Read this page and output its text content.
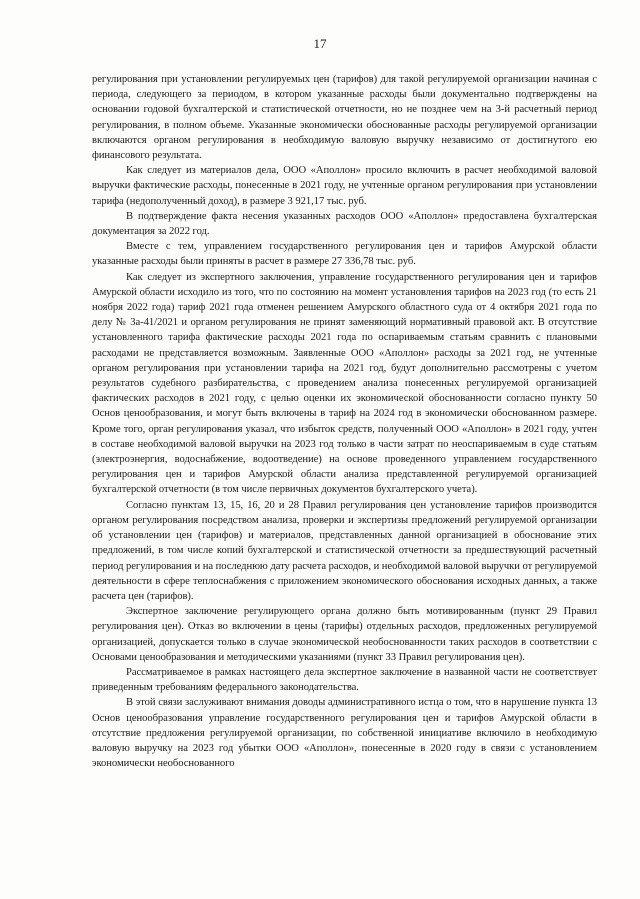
17

регулирования при установлении регулируемых цен (тарифов) для такой регулируемой организации начиная с периода, следующего за периодом, в котором указанные расходы были документально подтверждены на основании годовой бухгалтерской и статистической отчетности, но не позднее чем на 3-й расчетный период регулирования, в полном объеме. Указанные экономически обоснованные расходы регулируемой организации включаются органом регулирования в необходимую валовую выручку независимо от достигнутого ею финансового результата.

Как следует из материалов дела, ООО «Аполлон» просило включить в расчет необходимой валовой выручки фактические расходы, понесенные в 2021 году, не учтенные органом регулирования при установлении тарифа (недополученный доход), в размере 3 921,17 тыс. руб.

В подтверждение факта несения указанных расходов ООО «Аполлон» предоставлена бухгалтерская документация за 2022 год.

Вместе с тем, управлением государственного регулирования цен и тарифов Амурской области указанные расходы были приняты в расчет в размере 27 336,78 тыс. руб.

Как следует из экспертного заключения, управление государственного регулирования цен и тарифов Амурской области исходило из того, что по состоянию на момент установления тарифов на 2023 год (то есть 21 ноября 2022 года) тариф 2021 года отменен решением Амурского областного суда от 4 октября 2021 года по делу № 3а-41/2021 и органом регулирования не принят заменяющий нормативный правовой акт. В отсутствие установленного тарифа фактические расходы 2021 года по оспариваемым статьям сравнить с плановыми расходами не представляется возможным. Заявленные ООО «Аполлон» расходы за 2021 год, не учтенные органом регулирования при установлении тарифа на 2021 год, будут дополнительно рассмотрены с учетом результатов судебного разбирательства, с проведением анализа понесенных регулируемой организацией фактических расходов в 2021 году, с целью оценки их экономической обоснованности согласно пункту 50 Основ ценообразования, и могут быть включены в тариф на 2024 год в экономически обоснованном размере. Кроме того, орган регулирования указал, что избыток средств, полученный ООО «Аполлон» в 2021 году, учтен в составе необходимой валовой выручки на 2023 год только в части затрат по неоспариваемым в суде статьям (электроэнергия, водоснабжение, водоотведение) на основе проведенного управлением государственного регулирования цен и тарифов Амурской области анализа представленной регулируемой организацией бухгалтерской отчетности (в том числе первичных документов бухгалтерского учета).

Согласно пунктам 13, 15, 16, 20 и 28 Правил регулирования цен установление тарифов производится органом регулирования посредством анализа, проверки и экспертизы предложений регулируемой организации об установлении цен (тарифов) и материалов, представленных данной организацией в обоснование этих предложений, в том числе копий бухгалтерской и статистической отчетности за предшествующий расчетный период регулирования и на последнюю дату расчета расходов, и необходимой валовой выручки от регулируемой деятельности в сфере теплоснабжения с приложением экономического обоснования исходных данных, а также расчета цен (тарифов).

Экспертное заключение регулирующего органа должно быть мотивированным (пункт 29 Правил регулирования цен). Отказ во включении в цены (тарифы) отдельных расходов, предложенных регулируемой организацией, допускается только в случае экономической необоснованности таких расходов в соответствии с Основами ценообразования и методическими указаниями (пункт 33 Правил регулирования цен).

Рассматриваемое в рамках настоящего дела экспертное заключение в названной части не соответствует приведенным требованиям федерального законодательства.

В этой связи заслуживают внимания доводы административного истца о том, что в нарушение пункта 13 Основ ценообразования управление государственного регулирования цен и тарифов Амурской области в отсутствие предложения регулируемой организации, по собственной инициативе включило в необходимую валовую выручку на 2023 год убытки ООО «Аполлон», понесенные в 2020 году в связи с установлением экономически необоснованного
